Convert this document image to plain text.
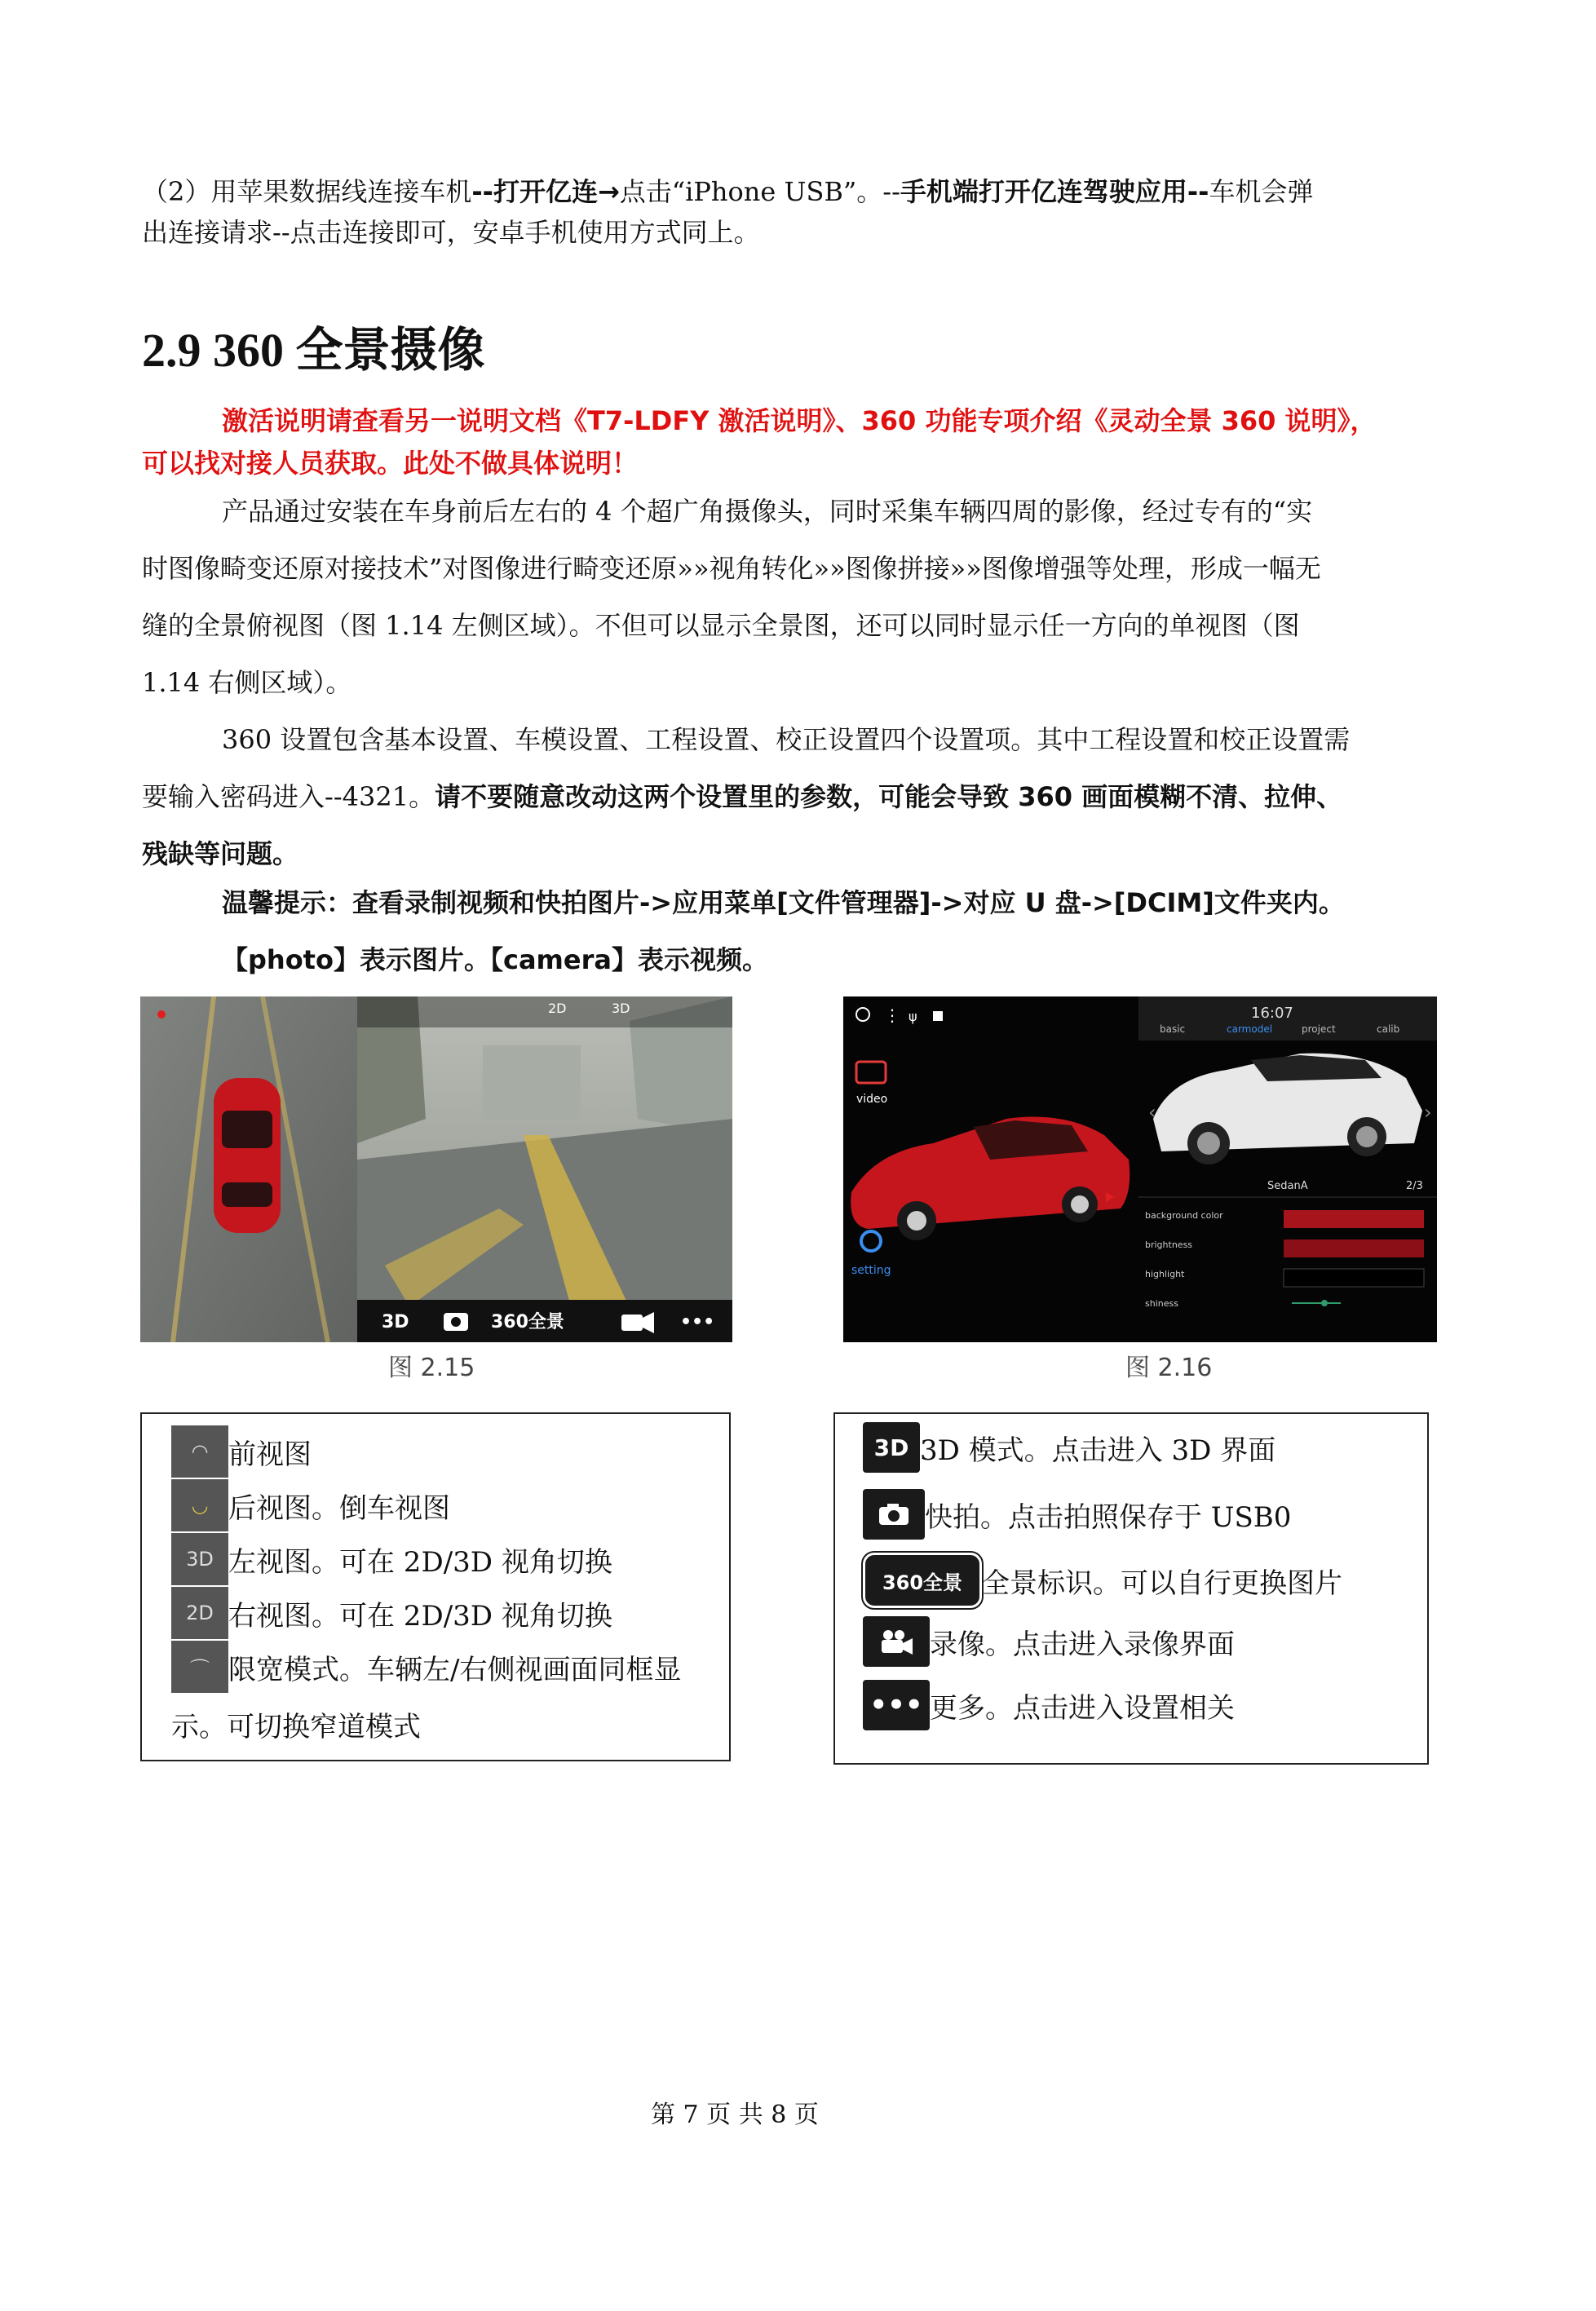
（2）用苹果数据线连接车机--打开亿连→点击“iPhone USB”。--手机端打开亿连驾驶应用--车机会弹
出连接请求--点击连接即可，安卓手机使用方式同上。
2.9 360 全景摄像
激活说明请查看另一说明文档《T7-LDFY 激活说明》、360 功能专项介绍《灵动全景 360 说明》，
可以找对接人员获取。此处不做具体说明！
产品通过安装在车身前后左右的 4 个超广角摄像头，同时采集车辆四周的影像，经过专有的“实
时图像畸变还原对接技术”对图像进行畸变还原»»视角转化»»图像拼接»»图像增强等处理，形成一幅无
缝的全景俯视图（图 1.14 左侧区域）。不但可以显示全景图，还可以同时显示任一方向的单视图（图
1.14 右侧区域）。
360 设置包含基本设置、车模设置、工程设置、校正设置四个设置项。其中工程设置和校正设置需
要输入密码进入--4321。请不要随意改动这两个设置里的参数，可能会导致 360 画面模糊不清、拉伸、
残缺等问题。
温馨提示：查看录制视频和快拍图片->应用菜单[文件管理器]->对应 U 盘->[DCIM]文件夹内。
【photo】表示图片。【camera】表示视频。
2D	3D
3D	360全景	•••
图 2.15
⋮ ψ
video
setting
16:07
basic	carmodel	project	calib
‹	›
SedanA	2/3
background color
brightness
highlight
shiness
图 2.16
◠ 前视图
◡ 后视图。倒车视图
3D 左视图。可在 2D/3D 视角切换
2D 右视图。可在 2D/3D 视角切换
⌒ 限宽模式。车辆左/右侧视画面同框显
示。可切换窄道模式
3D 3D 模式。点击进入 3D 界面
快拍。点击拍照保存于 USB0
360全景 全景标识。可以自行更换图片
录像。点击进入录像界面
••• 更多。点击进入设置相关
第 7 页 共 8 页
